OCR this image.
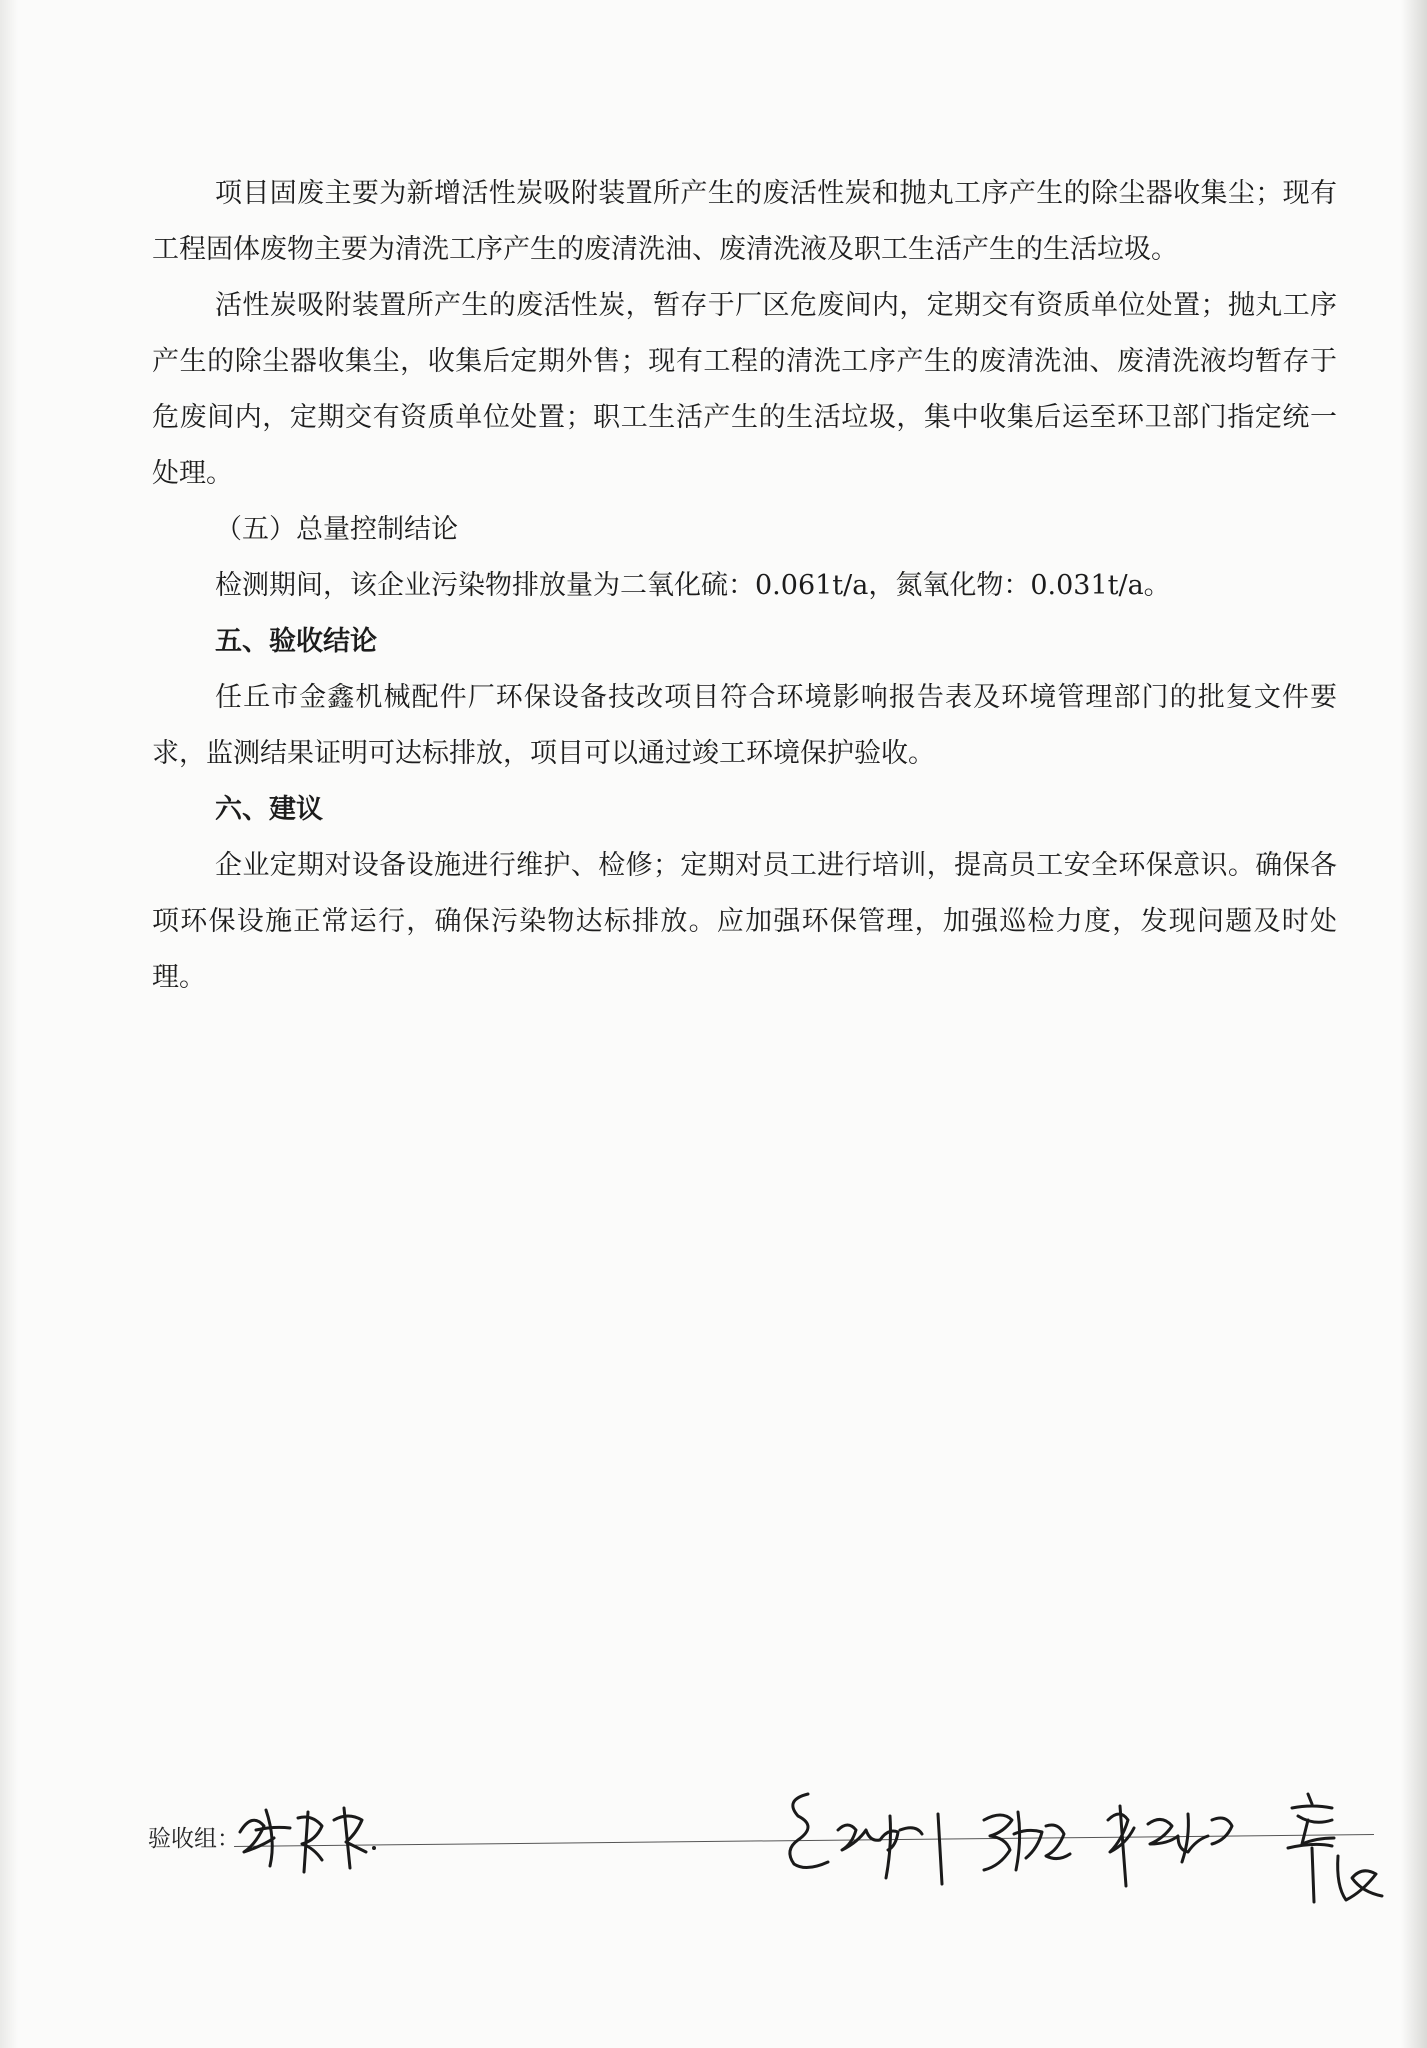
项目固废主要为新增活性炭吸附装置所产生的废活性炭和抛丸工序产生的除尘器收集尘；现有工程固体废物主要为清洗工序产生的废清洗油、废清洗液及职工生活产生的生活垃圾。

活性炭吸附装置所产生的废活性炭，暂存于厂区危废间内，定期交有资质单位处置；抛丸工序产生的除尘器收集尘，收集后定期外售；现有工程的清洗工序产生的废清洗油、废清洗液均暂存于危废间内，定期交有资质单位处置；职工生活产生的生活垃圾，集中收集后运至环卫部门指定统一处理。

（五）总量控制结论

检测期间，该企业污染物排放量为二氧化硫：0.061t/a，氮氧化物：0.031t/a。

五、验收结论

任丘市金鑫机械配件厂环保设备技改项目符合环境影响报告表及环境管理部门的批复文件要求，监测结果证明可达标排放，项目可以通过竣工环境保护验收。

六、建议

企业定期对设备设施进行维护、检修；定期对员工进行培训，提高员工安全环保意识。确保各项环保设施正常运行，确保污染物达标排放。应加强环保管理，加强巡检力度，发现问题及时处理。

验收组：
